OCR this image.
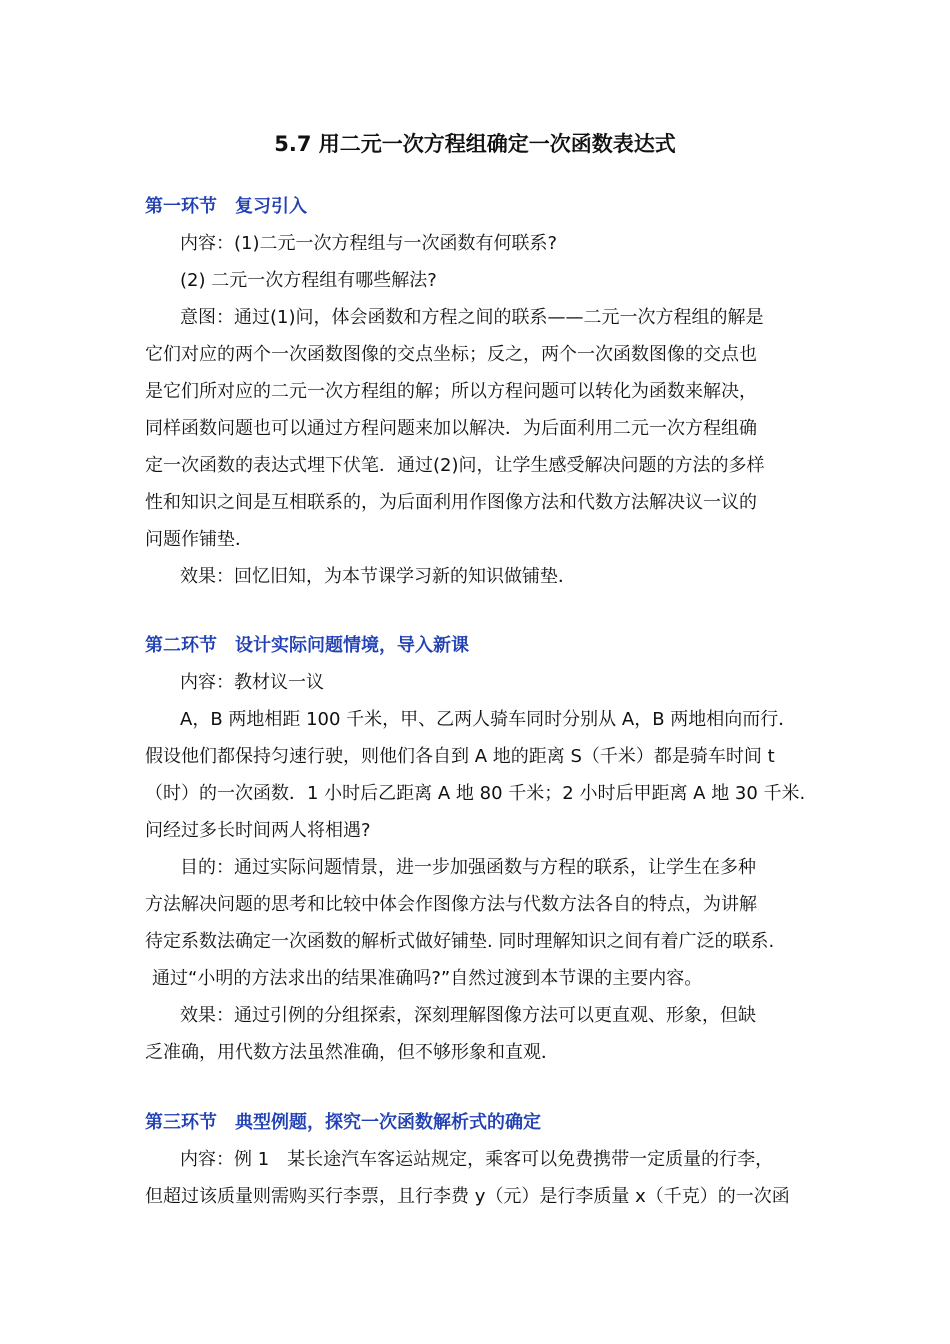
5.7 用二元一次方程组确定一次函数表达式
第一环节　复习引入
内容：(1)二元一次方程组与一次函数有何联系?
(2) 二元一次方程组有哪些解法?
意图：通过(1)问，体会函数和方程之间的联系——二元一次方程组的解是
它们对应的两个一次函数图像的交点坐标；反之，两个一次函数图像的交点也
是它们所对应的二元一次方程组的解；所以方程问题可以转化为函数来解决，
同样函数问题也可以通过方程问题来加以解决．为后面利用二元一次方程组确
定一次函数的表达式埋下伏笔．通过(2)问，让学生感受解决问题的方法的多样
性和知识之间是互相联系的，为后面利用作图像方法和代数方法解决议一议的
问题作铺垫．
效果：回忆旧知，为本节课学习新的知识做铺垫．
第二环节　设计实际问题情境，导入新课
内容：教材议一议
A，B 两地相距 100 千米，甲、乙两人骑车同时分别从 A，B 两地相向而行．
假设他们都保持匀速行驶，则他们各自到 A 地的距离 S（千米）都是骑车时间 t
（时）的一次函数．1 小时后乙距离 A 地 80 千米；2 小时后甲距离 A 地 30 千米.
问经过多长时间两人将相遇?
目的：通过实际问题情景，进一步加强函数与方程的联系，让学生在多种
方法解决问题的思考和比较中体会作图像方法与代数方法各自的特点，为讲解
待定系数法确定一次函数的解析式做好铺垫. 同时理解知识之间有着广泛的联系.
通过“小明的方法求出的结果准确吗?”自然过渡到本节课的主要内容。
效果：通过引例的分组探索，深刻理解图像方法可以更直观、形象，但缺
乏准确，用代数方法虽然准确，但不够形象和直观．
第三环节　典型例题，探究一次函数解析式的确定
内容：例 1　某长途汽车客运站规定，乘客可以免费携带一定质量的行李，
但超过该质量则需购买行李票，且行李费 y（元）是行李质量 x（千克）的一次函
